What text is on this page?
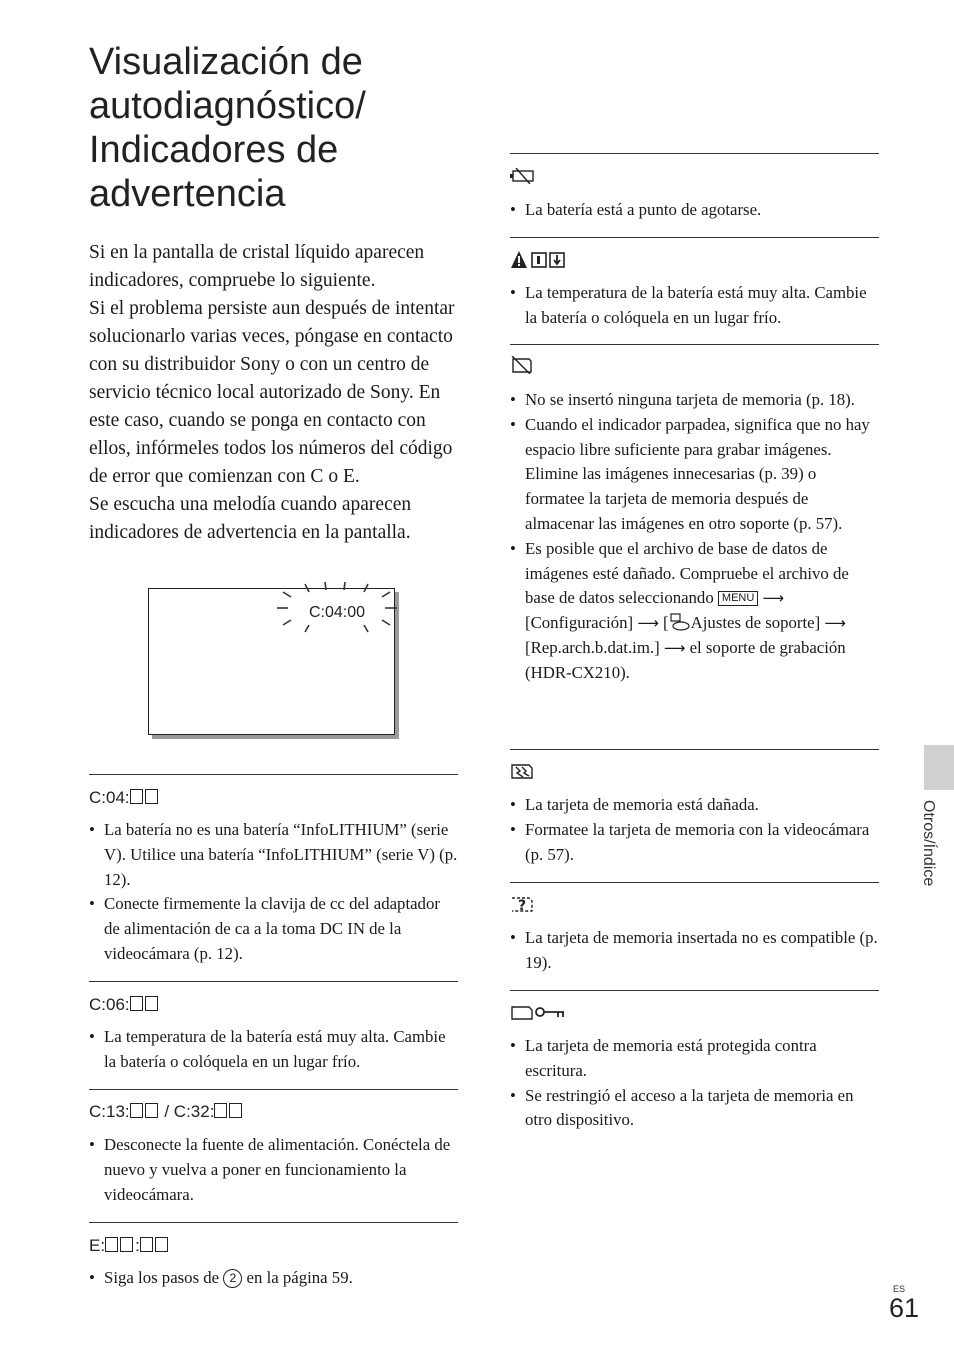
Visualización de autodiagnóstico/ Indicadores de advertencia

Si en la pantalla de cristal líquido aparecen indicadores, compruebe lo siguiente.

Si el problema persiste aun después de intentar solucionarlo varias veces, póngase en contacto con su distribuidor Sony o con un centro de servicio técnico local autorizado de Sony. En este caso, cuando se ponga en contacto con ellos, infórmeles todos los números del código de error que comienzan con C o E.

Se escucha una melodía cuando aparecen indicadores de advertencia en la pantalla.

C:04:00
C:04:
• La batería no es una batería “InfoLITHIUM” (serie V). Utilice una batería “InfoLITHIUM” (serie V) (p. 12).
• Conecte firmemente la clavija de cc del adaptador de alimentación de ca a la toma DC IN de la videocámara (p. 12).
C:06:
• La temperatura de la batería está muy alta. Cambie la batería o colóquela en un lugar frío.
C:13: / C:32:
• Desconecte la fuente de alimentación. Conéctela de nuevo y vuelva a poner en funcionamiento la videocámara.
E: :
• Siga los pasos de 2 en la página 59.
• La batería está a punto de agotarse.
• La temperatura de la batería está muy alta. Cambie la batería o colóquela en un lugar frío.
• No se insertó ninguna tarjeta de memoria (p. 18).
• Cuando el indicador parpadea, significa que no hay espacio libre suficiente para grabar imágenes. Elimine las imágenes innecesarias (p. 39) o formatee la tarjeta de memoria después de almacenar las imágenes en otro soporte (p. 57).
• Es posible que el archivo de base de datos de imágenes esté dañado. Compruebe el archivo de base de datos seleccionando MENU ⟶ [Configuración] ⟶ [ Ajustes de soporte] ⟶ [Rep.arch.b.dat.im.] ⟶ el soporte de grabación (HDR-CX210).
• La tarjeta de memoria está dañada.
• Formatee la tarjeta de memoria con la videocámara (p. 57).
?
• La tarjeta de memoria insertada no es compatible (p. 19).
• La tarjeta de memoria está protegida contra escritura.
• Se restringió el acceso a la tarjeta de memoria en otro dispositivo.
Otros/Índice
ES
61
